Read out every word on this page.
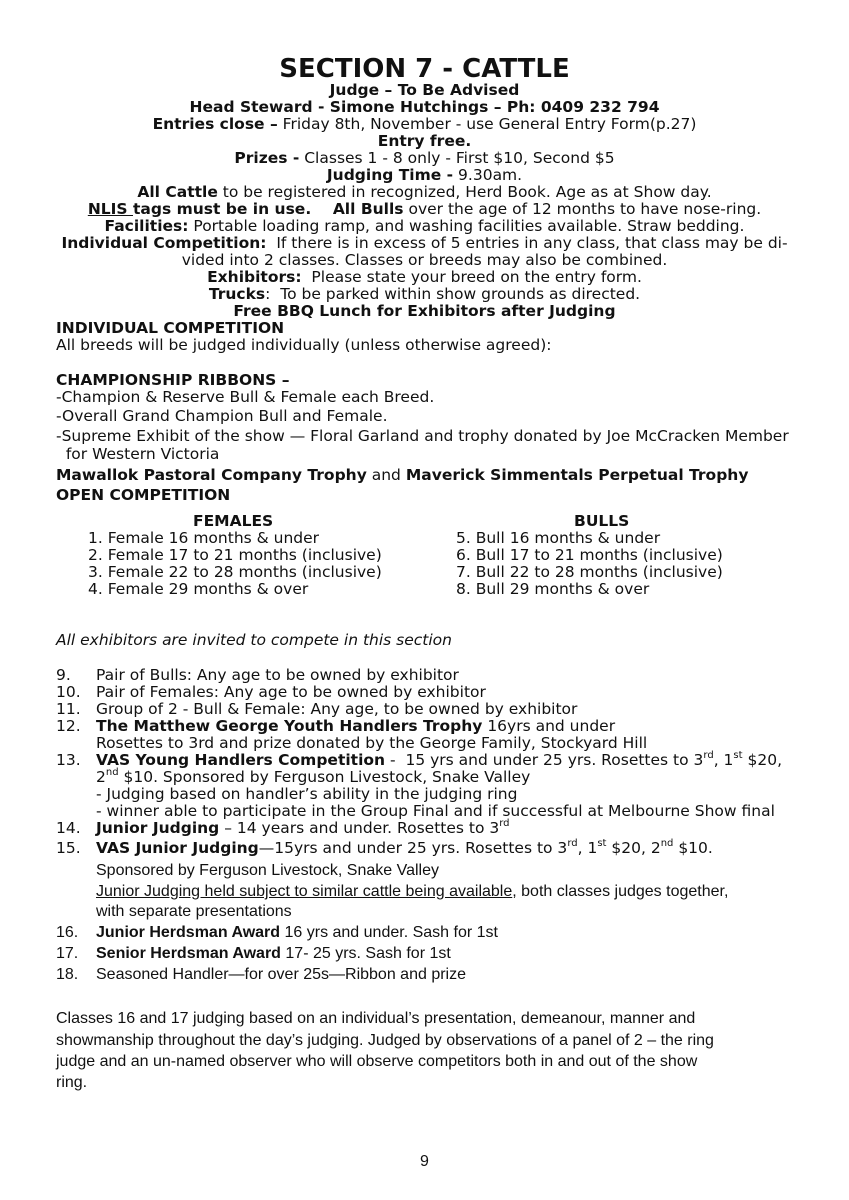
SECTION 7 - CATTLE
Judge – To Be Advised
Head Steward - Simone Hutchings – Ph: 0409 232 794
Entries close – Friday 8th, November - use General Entry Form(p.27)
Entry free.
Prizes - Classes 1 - 8 only - First $10, Second $5
Judging Time - 9.30am.
All Cattle to be registered in recognized, Herd Book. Age as at Show day.
NLIS tags must be in use.    All Bulls over the age of 12 months to have nose-ring.
Facilities: Portable loading ramp, and washing facilities available. Straw bedding.
Individual Competition:  If there is in excess of 5 entries in any class, that class may be di-
vided into 2 classes. Classes or breeds may also be combined.
Exhibitors:  Please state your breed on the entry form.
Trucks:  To be parked within show grounds as directed.
Free BBQ Lunch for Exhibitors after Judging
INDIVIDUAL COMPETITION
All breeds will be judged individually (unless otherwise agreed):
CHAMPIONSHIP RIBBONS –
-Champion & Reserve Bull & Female each Breed.
-Overall Grand Champion Bull and Female.
-Supreme Exhibit of the show — Floral Garland and trophy donated by Joe McCracken Member
for Western Victoria
Mawallok Pastoral Company Trophy and Maverick Simmentals Perpetual Trophy
OPEN COMPETITION
FEMALES
1. Female 16 months & under
2. Female 17 to 21 months (inclusive)
3. Female 22 to 28 months (inclusive)
4. Female 29 months & over
BULLS
5. Bull 16 months & under
6. Bull 17 to 21 months (inclusive)
7. Bull 22 to 28 months (inclusive)
8. Bull 29 months & over
All exhibitors are invited to compete in this section
9. Pair of Bulls: Any age to be owned by exhibitor
10. Pair of Females: Any age to be owned by exhibitor
11. Group of 2 - Bull & Female: Any age, to be owned by exhibitor
12. The Matthew George Youth Handlers Trophy 16yrs and under
Rosettes to 3rd and prize donated by the George Family, Stockyard Hill
13. VAS Young Handlers Competition -  15 yrs and under 25 yrs. Rosettes to 3rd, 1st $20,
2nd $10. Sponsored by Ferguson Livestock, Snake Valley
- Judging based on handler’s ability in the judging ring
- winner able to participate in the Group Final and if successful at Melbourne Show final
14. Junior Judging – 14 years and under. Rosettes to 3rd
15. VAS Junior Judging—15yrs and under 25 yrs. Rosettes to 3rd, 1st $20, 2nd $10.
Sponsored by Ferguson Livestock, Snake Valley
Junior Judging held subject to similar cattle being available, both classes judges together,
with separate presentations
16. Junior Herdsman Award 16 yrs and under. Sash for 1st
17. Senior Herdsman Award 17- 25 yrs. Sash for 1st
18. Seasoned Handler—for over 25s—Ribbon and prize
Classes 16 and 17 judging based on an individual’s presentation, demeanour, manner and
showmanship throughout the day’s judging. Judged by observations of a panel of 2 – the ring
judge and an un-named observer who will observe competitors both in and out of the show
ring.
9
